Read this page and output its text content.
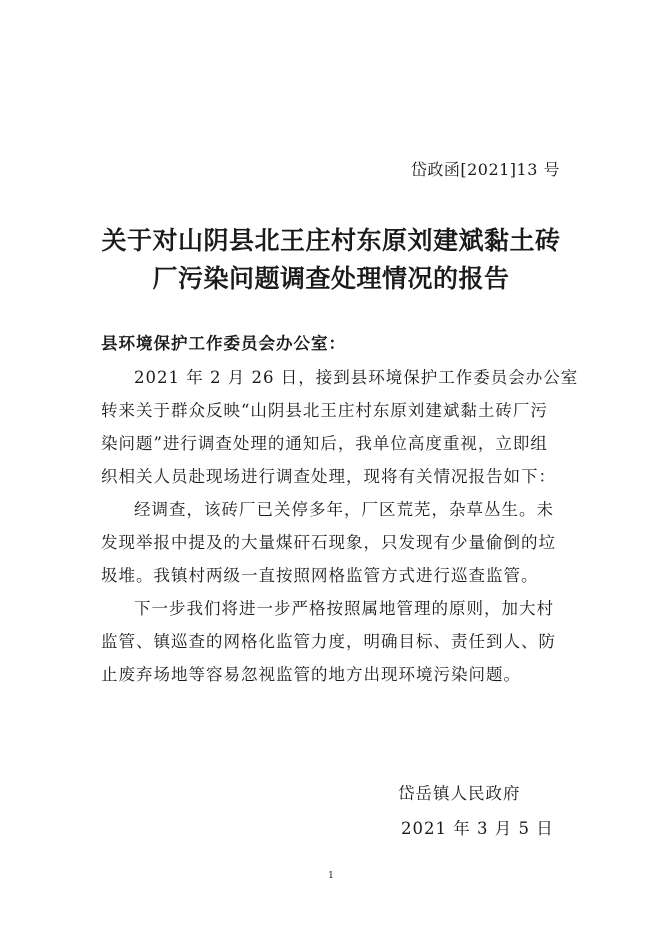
岱政函[2021]13 号
关于对山阴县北王庄村东原刘建斌黏土砖
厂污染问题调查处理情况的报告
县环境保护工作委员会办公室：
2021 年 2 月 26 日，接到县环境保护工作委员会办公室
转来关于群众反映“山阴县北王庄村东原刘建斌黏土砖厂污
染问题”进行调查处理的通知后，我单位高度重视，立即组
织相关人员赴现场进行调查处理，现将有关情况报告如下：
经调查，该砖厂已关停多年，厂区荒芜，杂草丛生。未
发现举报中提及的大量煤矸石现象，只发现有少量偷倒的垃
圾堆。我镇村两级一直按照网格监管方式进行巡查监管。
下一步我们将进一步严格按照属地管理的原则，加大村
监管、镇巡查的网格化监管力度，明确目标、责任到人、防
止废弃场地等容易忽视监管的地方出现环境污染问题。
岱岳镇人民政府
2021 年 3 月 5 日
1
